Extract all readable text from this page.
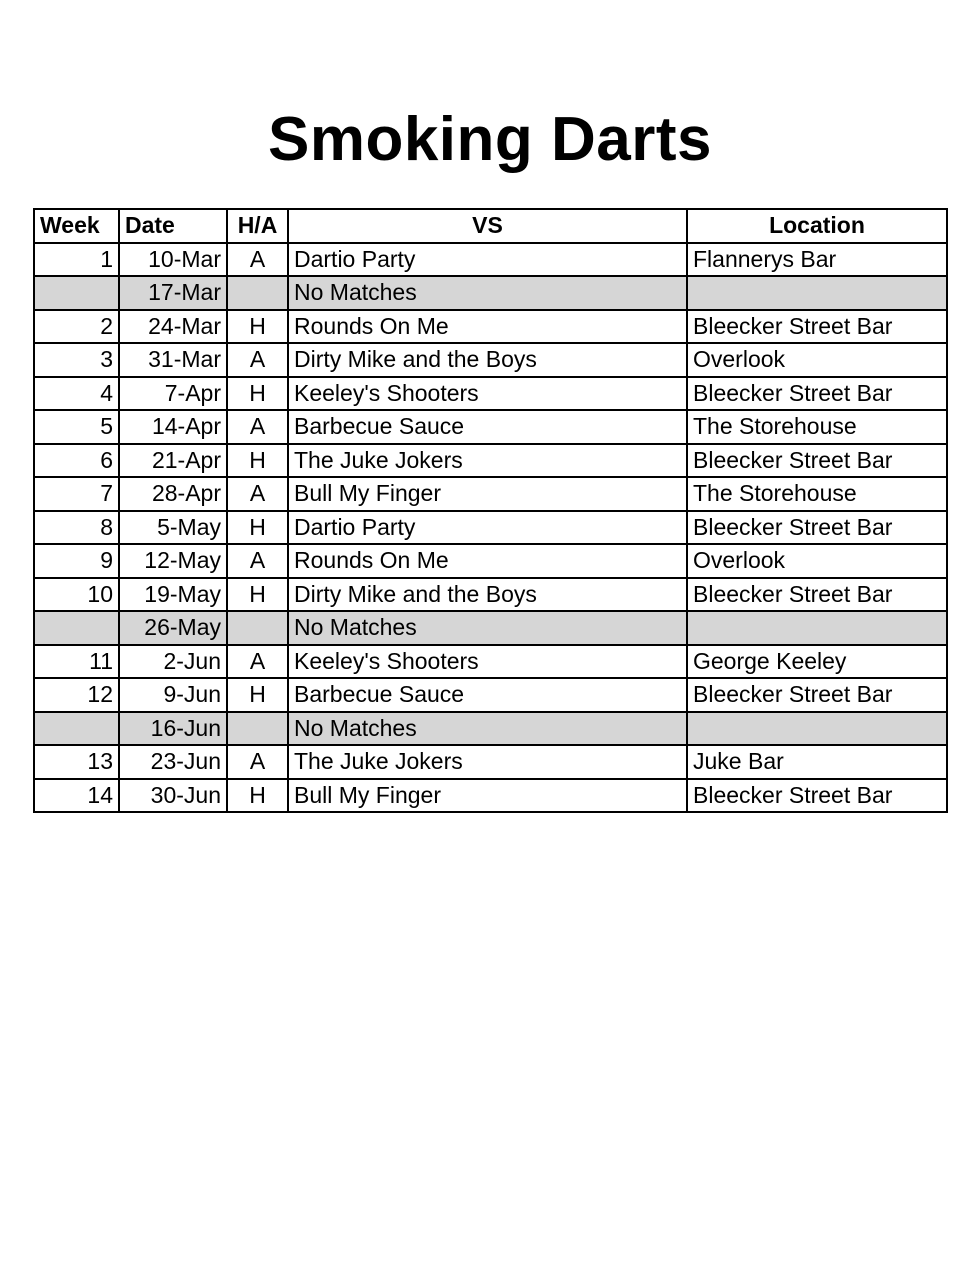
Smoking Darts
Week	Date	H/A	VS	Location
1	10-Mar	A	Dartio Party	Flannerys Bar
	17-Mar		No Matches	
2	24-Mar	H	Rounds On Me	Bleecker Street Bar
3	31-Mar	A	Dirty Mike and the Boys	Overlook
4	7-Apr	H	Keeley's Shooters	Bleecker Street Bar
5	14-Apr	A	Barbecue Sauce	The Storehouse
6	21-Apr	H	The Juke Jokers	Bleecker Street Bar
7	28-Apr	A	Bull My Finger	The Storehouse
8	5-May	H	Dartio Party	Bleecker Street Bar
9	12-May	A	Rounds On Me	Overlook
10	19-May	H	Dirty Mike and the Boys	Bleecker Street Bar
	26-May		No Matches	
11	2-Jun	A	Keeley's Shooters	George Keeley
12	9-Jun	H	Barbecue Sauce	Bleecker Street Bar
	16-Jun		No Matches	
13	23-Jun	A	The Juke Jokers	Juke Bar
14	30-Jun	H	Bull My Finger	Bleecker Street Bar
